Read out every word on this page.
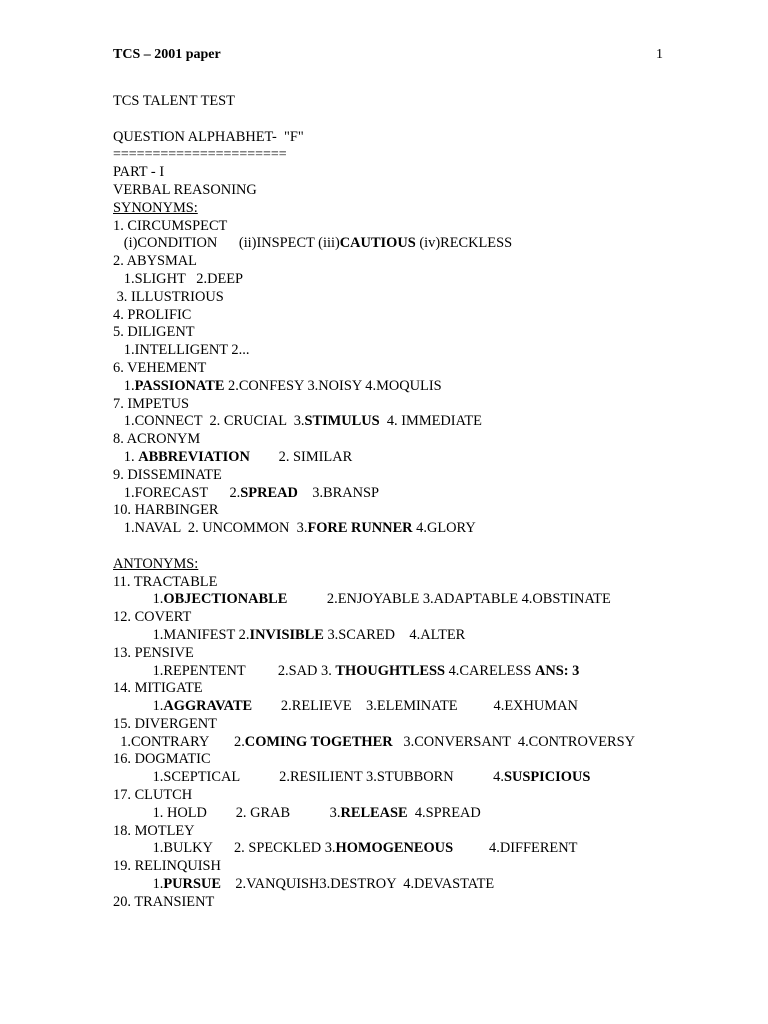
TCS – 2001 paper	1
TCS TALENT TEST
QUESTION ALPHABHET-  "F"
======================
PART - I
VERBAL REASONING
SYNONYMS:
1. CIRCUMSPECT
(i)CONDITION      (ii)INSPECT (iii)CAUTIOUS (iv)RECKLESS
2. ABYSMAL
1.SLIGHT   2.DEEP
3. ILLUSTRIOUS
4. PROLIFIC
5. DILIGENT
1.INTELLIGENT 2...
6. VEHEMENT
1.PASSIONATE 2.CONFESY 3.NOISY 4.MOQULIS
7. IMPETUS
1.CONNECT  2. CRUCIAL  3.STIMULUS  4. IMMEDIATE
8. ACRONYM
1. ABBREVIATION        2. SIMILAR
9. DISSEMINATE
1.FORECAST      2.SPREAD    3.BRANSP
10. HARBINGER
1.NAVAL  2. UNCOMMON  3.FORE RUNNER 4.GLORY
ANTONYMS:
11. TRACTABLE
1.OBJECTIONABLE           2.ENJOYABLE 3.ADAPTABLE 4.OBSTINATE
12. COVERT
1.MANIFEST 2.INVISIBLE 3.SCARED    4.ALTER
13. PENSIVE
1.REPENTENT         2.SAD 3. THOUGHTLESS 4.CARELESS ANS: 3
14. MITIGATE
1.AGGRAVATE        2.RELIEVE    3.ELEMINATE          4.EXHUMAN
15. DIVERGENT
1.CONTRARY       2.COMING TOGETHER   3.CONVERSANT  4.CONTROVERSY
16. DOGMATIC
1.SCEPTICAL           2.RESILIENT 3.STUBBORN           4.SUSPICIOUS
17. CLUTCH
1. HOLD        2. GRAB           3.RELEASE  4.SPREAD
18. MOTLEY
1.BULKY      2. SPECKLED 3.HOMOGENEOUS          4.DIFFERENT
19. RELINQUISH
1.PURSUE    2.VANQUISH3.DESTROY  4.DEVASTATE
20. TRANSIENT
